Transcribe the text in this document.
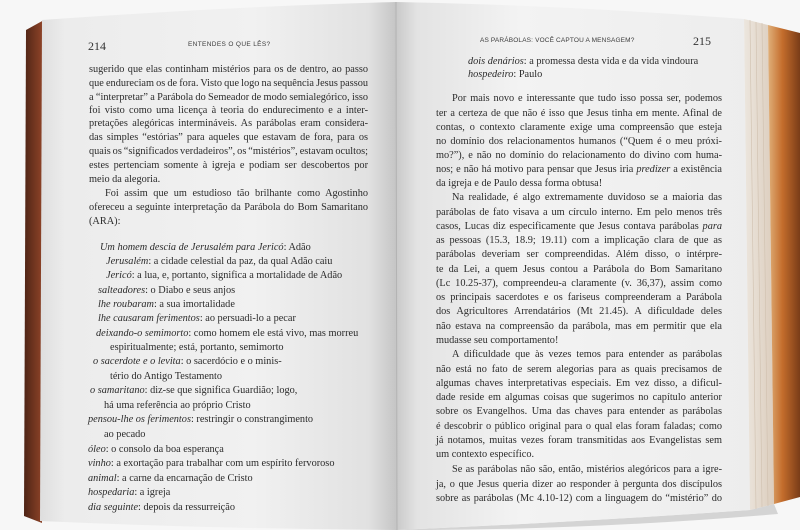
214	ENTENDES O QUE LÊS?
sugerido que elas continham mistérios para os de dentro, ao passo
que endureciam os de fora. Visto que logo na sequência Jesus passou
a “interpretar” a Parábola do Semeador de modo semialegórico, isso
foi visto como uma licença à teoria do endurecimento e a inter-
pretações alegóricas intermináveis. As parábolas eram considera-
das simples “estórias” para aqueles que estavam de fora, para os
quais os “significados verdadeiros”, os “mistérios”, estavam ocultos;
estes pertenciam somente à igreja e podiam ser descobertos por
meio da alegoria.
Foi assim que um estudioso tão brilhante como Agostinho
ofereceu a seguinte interpretação da Parábola do Bom Samaritano
(ARA):
Um homem descia de Jerusalém para Jericó: Adão
Jerusalém: a cidade celestial da paz, da qual Adão caiu
Jericó: a lua, e, portanto, significa a mortalidade de Adão
salteadores: o Diabo e seus anjos
lhe roubaram: a sua imortalidade
lhe causaram ferimentos: ao persuadi-lo a pecar
deixando-o semimorto: como homem ele está vivo, mas morreu
espiritualmente; está, portanto, semimorto
o sacerdote e o levita: o sacerdócio e o minis-
tério do Antigo Testamento
o samaritano: diz-se que significa Guardião; logo,
há uma referência ao próprio Cristo
pensou-lhe os ferimentos: restringir o constrangimento
ao pecado
óleo: o consolo da boa esperança
vinho: a exortação para trabalhar com um espírito fervoroso
animal: a carne da encarnação de Cristo
hospedaria: a igreja
dia seguinte: depois da ressurreição
AS PARÁBOLAS: VOCÊ CAPTOU A MENSAGEM?	215
dois denários: a promessa desta vida e da vida vindoura
hospedeiro: Paulo
Por mais novo e interessante que tudo isso possa ser, podemos
ter a certeza de que não é isso que Jesus tinha em mente. Afinal de
contas, o contexto claramente exige uma compreensão que esteja
no domínio dos relacionamentos humanos (“Quem é o meu próxi-
mo?”), e não no domínio do relacionamento do divino com huma-
nos; e não há motivo para pensar que Jesus iria predizer a existência
da igreja e de Paulo dessa forma obtusa!
Na realidade, é algo extremamente duvidoso se a maioria das
parábolas de fato visava a um círculo interno. Em pelo menos três
casos, Lucas diz especificamente que Jesus contava parábolas para
as pessoas (15.3, 18.9; 19.11) com a implicação clara de que as
parábolas deveriam ser compreendidas. Além disso, o intérpre-
te da Lei, a quem Jesus contou a Parábola do Bom Samaritano
(Lc 10.25-37), compreendeu-a claramente (v. 36,37), assim como
os principais sacerdotes e os fariseus compreenderam a Parábola
dos Agricultores Arrendatários (Mt 21.45). A dificuldade deles
não estava na compreensão da parábola, mas em permitir que ela
mudasse seu comportamento!
A dificuldade que às vezes temos para entender as parábolas
não está no fato de serem alegorias para as quais precisamos de
algumas chaves interpretativas especiais. Em vez disso, a dificul-
dade reside em algumas coisas que sugerimos no capítulo anterior
sobre os Evangelhos. Uma das chaves para entender as parábolas
é descobrir o público original para o qual elas foram faladas; como
já notamos, muitas vezes foram transmitidas aos Evangelistas sem
um contexto específico.
Se as parábolas não são, então, mistérios alegóricos para a igre-
ja, o que Jesus queria dizer ao responder à pergunta dos discípulos
sobre as parábolas (Mc 4.10-12) com a linguagem do “mistério” do
